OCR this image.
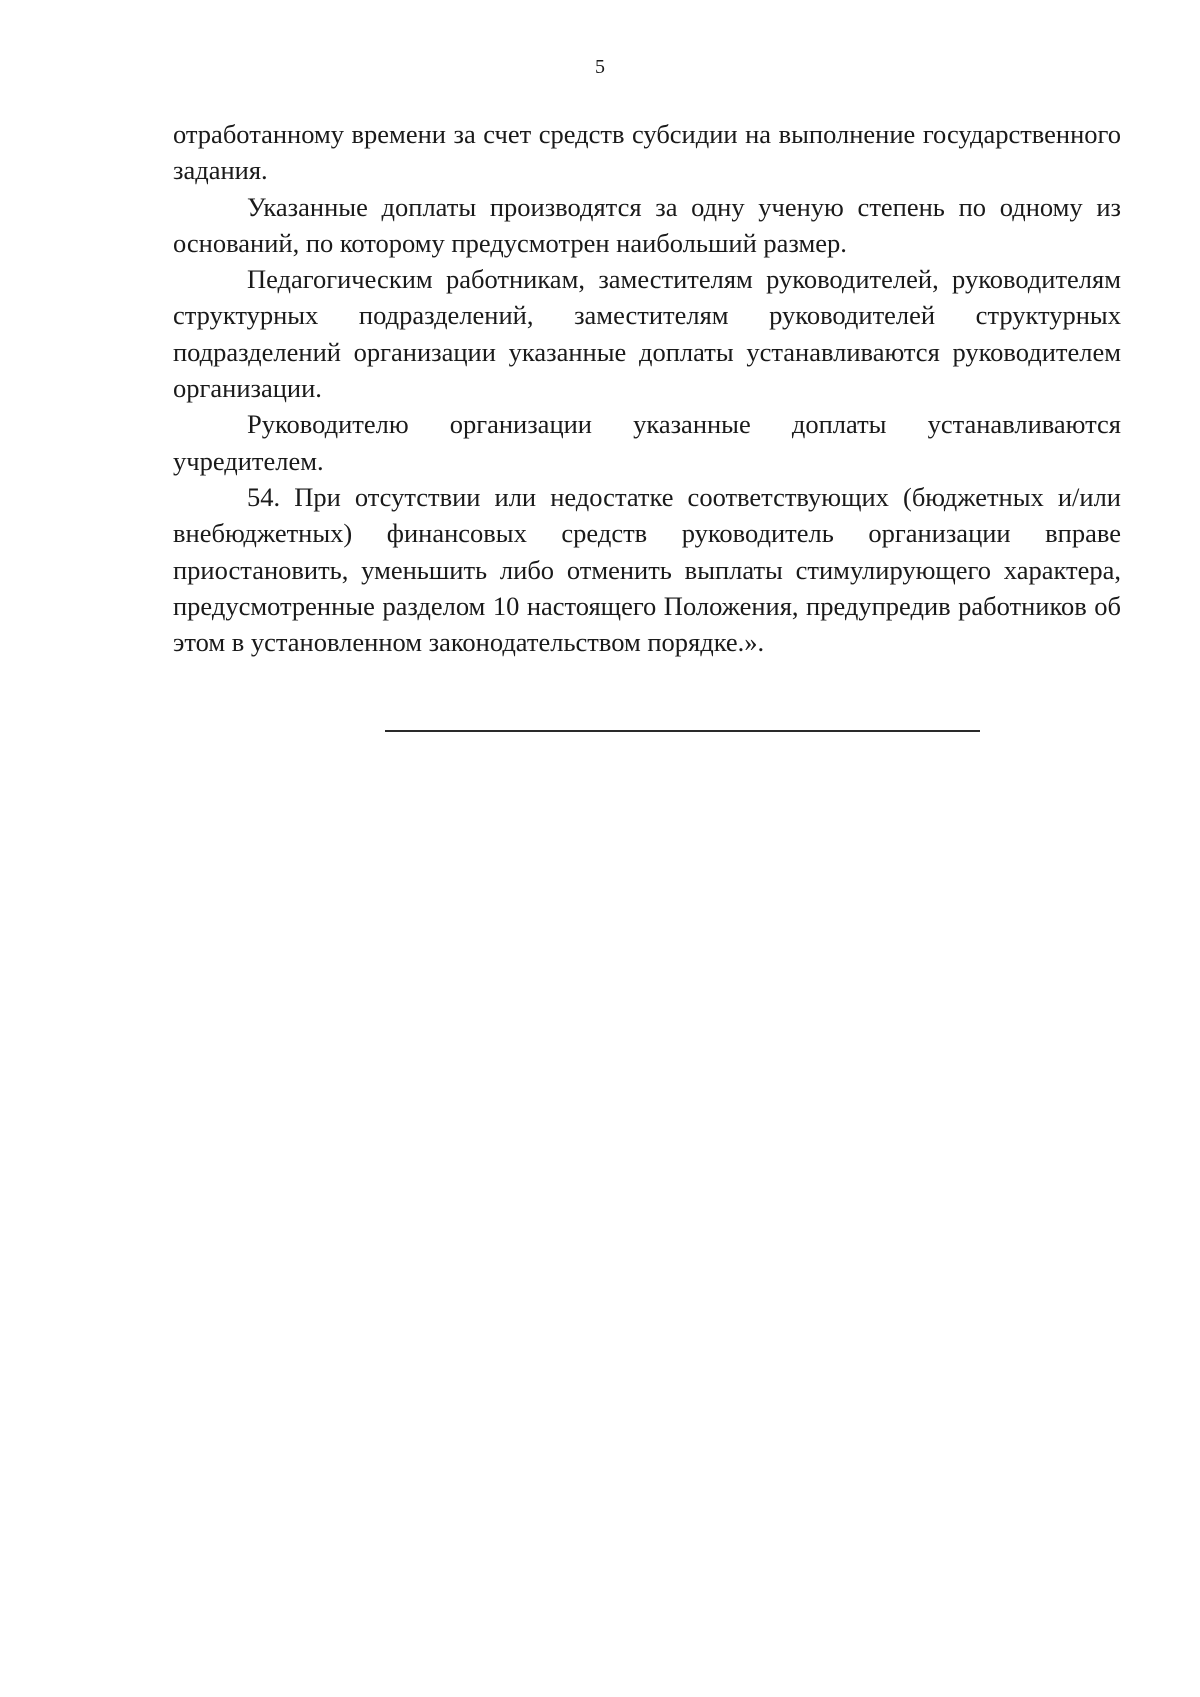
5

отработанному времени за счет средств субсидии на выполнение государственного задания.

Указанные доплаты производятся за одну ученую степень по одному из оснований, по которому предусмотрен наибольший размер.

Педагогическим работникам, заместителям руководителей, руководителям структурных подразделений, заместителям руководителей структурных подразделений организации указанные доплаты устанавливаются руководителем организации.

Руководителю организации указанные доплаты устанавливаются учредителем.

54. При отсутствии или недостатке соответствующих (бюджетных и/или внебюджетных) финансовых средств руководитель организации вправе приостановить, уменьшить либо отменить выплаты стимулирующего характера, предусмотренные разделом 10 настоящего Положения, предупредив работников об этом в установленном законодательством порядке.».
